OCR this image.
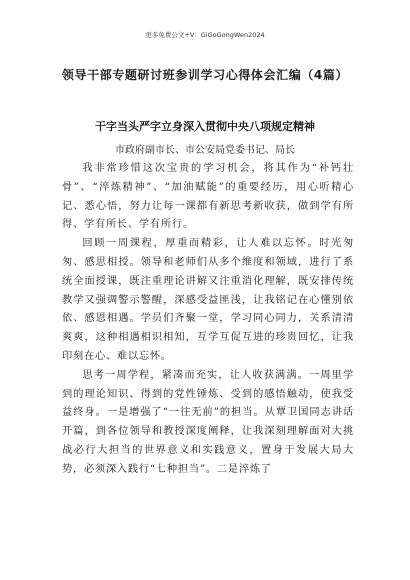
更多免费公文+V：GiGoGongWen2024
领导干部专题研讨班参训学习心得体会汇编（4篇）
干字当头严字立身深入贯彻中央八项规定精神
市政府副市长、市公安局党委书记、局长

我非常珍惜这次宝贵的学习机会，将其作为“补钙壮骨”、“淬炼精神”、“加油赋能”的重要经历，用心听精心记、悉心悟，努力让每一课都有新思考新收获，做到学有所得、学有所长、学有所行。

回顾一周课程，厚重而精彩，让人难以忘怀。时光匆匆、感思相授。领导和老师们从多个维度和领域，进行了系统全面授课，既注重理论讲解又注重消化理解，既安排传统教学又强调警示警醒，深感受益匪浅，让我铭记在心懂别依依、感恩相遇。学员们齐聚一堂，学习同心同力，关系清清爽爽，这种相遇相识相知，互学互促互进的珍贵回忆，让我印刻在心、难以忘怀。

思考一周学程，紧凑而充实，让人收获满满。一周里学到的理论知识、得到的党性锤炼、受到的感悟触动，使我受益终身。一是增强了“一往无前”的担当。从覃卫国同志讲话开篇，到各位领导和教授深度阐释，让我深刻理解面对大挑战必行大担当的世界意义和实践意义，置身于发展大局大势，必须深入践行“七种担当”。二是淬炼了
